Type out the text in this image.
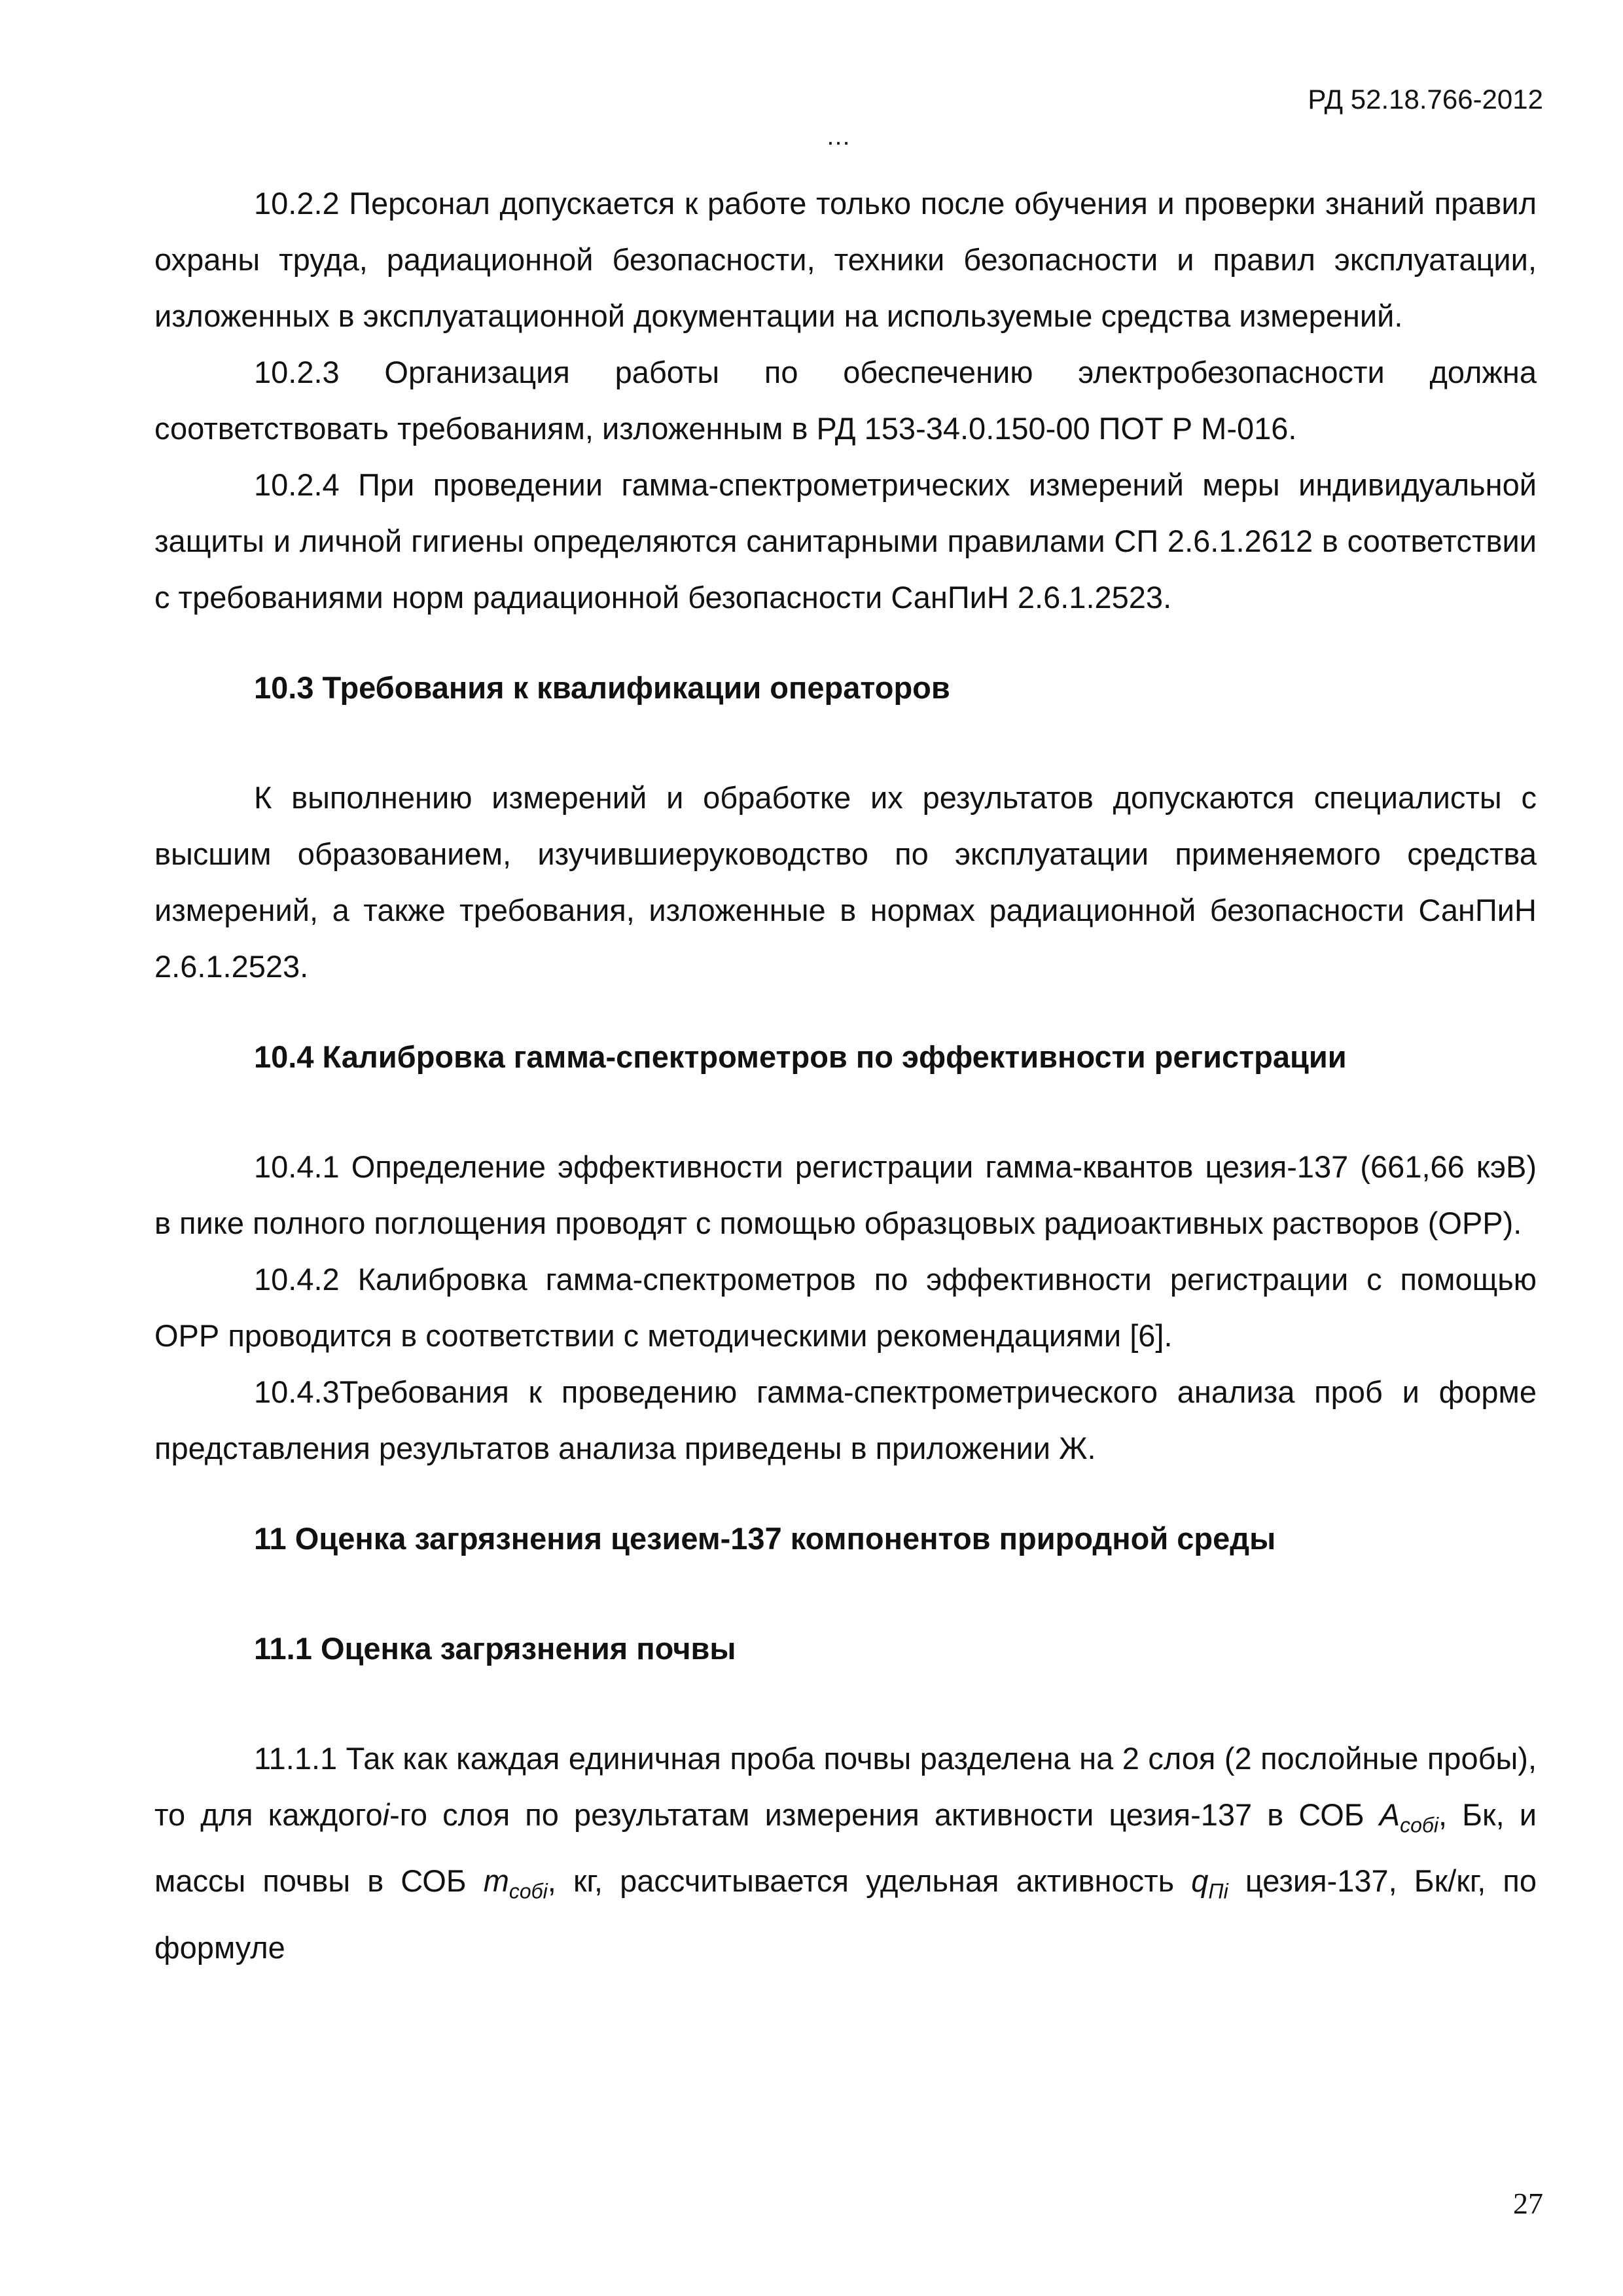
РД 52.18.766-2012
…

10.2.2 Персонал допускается к работе только после обучения и проверки знаний правил охраны труда, радиационной безопасности, техники безопасности и правил эксплуатации, изложенных в эксплуатационной документации на используемые средства измерений.

10.2.3 Организация работы по обеспечению электробезопасности должна соответствовать требованиям, изложенным в РД 153-34.0.150-00 ПОТ Р М-016.

10.2.4 При проведении гамма-спектрометрических измерений меры индивидуальной защиты и личной гигиены определяются санитарными правилами СП 2.6.1.2612 в соответствии с требованиями норм радиационной безопасности СанПиН 2.6.1.2523.

10.3 Требования к квалификации операторов

К выполнению измерений и обработке их результатов допускаются специалисты с высшим образованием, изучившиеруководство по эксплуатации применяемого средства измерений, а также требования, изложенные в нормах радиационной безопасности СанПиН 2.6.1.2523.

10.4 Калибровка гамма-спектрометров по эффективности регистрации

10.4.1 Определение эффективности регистрации гамма-квантов цезия-137 (661,66 кэВ) в пике полного поглощения проводят с помощью образцовых радиоактивных растворов (ОРР).

10.4.2 Калибровка гамма-спектрометров по эффективности регистрации с помощью ОРР проводится в соответствии с методическими рекомендациями [6].

10.4.3Требования к проведению гамма-спектрометрического анализа проб и форме представления результатов анализа приведены в приложении Ж.

11 Оценка загрязнения цезием-137 компонентов природной среды
11.1 Оценка загрязнения почвы

11.1.1 Так как каждая единичная проба почвы разделена на 2 слоя (2 послойные пробы), то для каждогоi-го слоя по результатам измерения активности цезия-137 в СОБ $A_{собi}$, Бк, и массы почвы в СОБ $m_{собi}$, кг, рассчитывается удельная активность $q_{Пi}$ цезия-137, Бк/кг, по формуле

27
